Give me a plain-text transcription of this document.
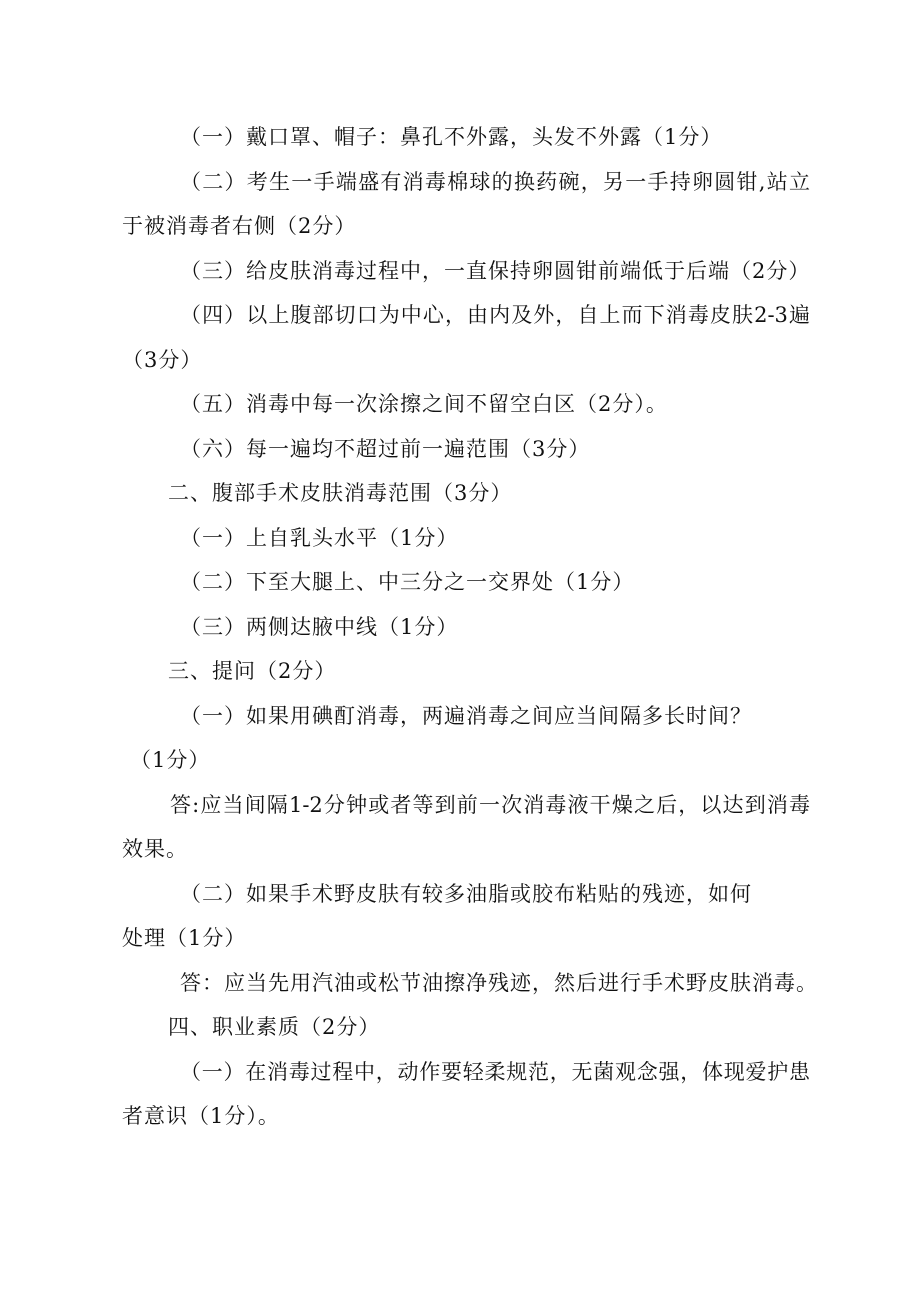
（一）戴口罩、帽子：鼻孔不外露，头发不外露（1分）
（二）考生一手端盛有消毒棉球的换药碗，另一手持卵圆钳,站立
于被消毒者右侧（2分）
（三）给皮肤消毒过程中，一直保持卵圆钳前端低于后端（2分）
（四）以上腹部切口为中心，由内及外，自上而下消毒皮肤2-3遍
（3分）
（五）消毒中每一次涂擦之间不留空白区（2分）。
（六）每一遍均不超过前一遍范围（3分）
二、腹部手术皮肤消毒范围（3分）
（一）上自乳头水平（1分）
（二）下至大腿上、中三分之一交界处（1分）
（三）两侧达腋中线（1分）
三、提问（2分）
（一）如果用碘酊消毒，两遍消毒之间应当间隔多长时间？
（1分）
答:应当间隔1-2分钟或者等到前一次消毒液干燥之后，以达到消毒
效果。
（二）如果手术野皮肤有较多油脂或胶布粘贴的残迹，如何
处理（1分）
答：应当先用汽油或松节油擦净残迹，然后进行手术野皮肤消毒。
四、职业素质（2分）
（一）在消毒过程中，动作要轻柔规范，无菌观念强，体现爱护患
者意识（1分）。
